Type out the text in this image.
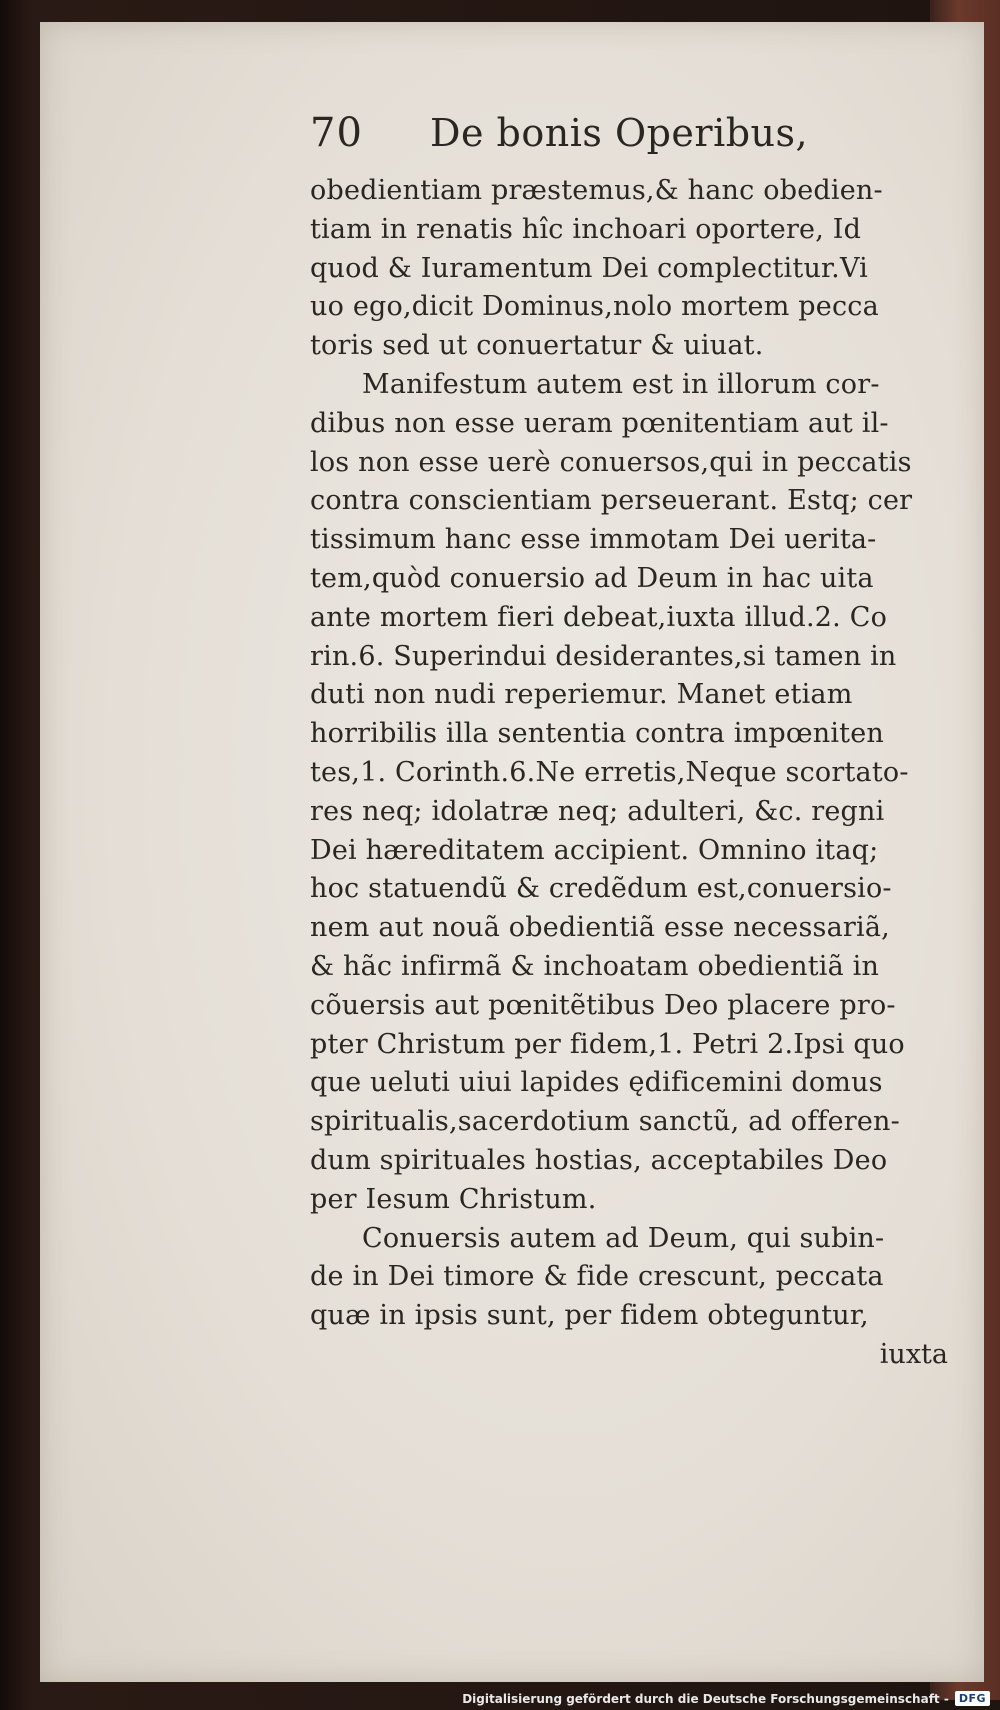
70	De bonis Operibus,
obedientiam præstemus,& hanc obedien-
tiam in renatis hîc inchoari oportere, Id
quod & Iuramentum Dei complectitur.Vi
uo ego,dicit Dominus,nolo mortem pecca
toris sed ut conuertatur & uiuat.
Manifestum autem est in illorum cor-
dibus non esse ueram pœnitentiam aut il-
los non esse uerè conuersos,qui in peccatis
contra conscientiam perseuerant. Estq; cer
tissimum hanc esse immotam Dei uerita-
tem,quòd conuersio ad Deum in hac uita
ante mortem fieri debeat,iuxta illud.2. Co
rin.6. Superindui desiderantes,si tamen in
duti non nudi reperiemur. Manet etiam
horribilis illa sententia contra impœniten
tes,1. Corinth.6.Ne erretis,Neque scortato-
res neq; idolatræ neq; adulteri, &c. regni
Dei hæreditatem accipient. Omnino itaq;
hoc statuendũ & credẽdum est,conuersio-
nem aut nouã obedientiã esse necessariã,
& hãc infirmã & inchoatam obedientiã in
cõuersis aut pœnitẽtibus Deo placere pro-
pter Christum per fidem,1. Petri 2.Ipsi quo
que ueluti uiui lapides ędificemini domus
spiritualis,sacerdotium sanctũ, ad offeren-
dum spirituales hostias, acceptabiles Deo
per Iesum Christum.
Conuersis autem ad Deum, qui subin-
de in Dei timore & fide crescunt, peccata
quæ in ipsis sunt, per fidem obteguntur,
iuxta
Digitalisierung gefördert durch die Deutsche Forschungsgemeinschaft - DFG
